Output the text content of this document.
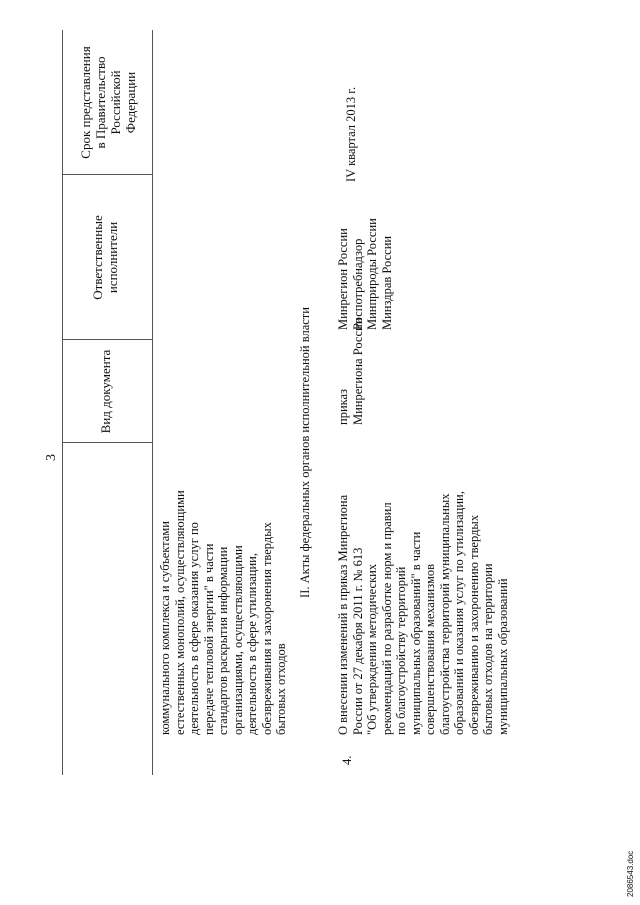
3
Вид документа
Ответственные исполнители
Срок представления в Правительство Российской Федерации
коммунального комплекса и субъектами естественных монополий, осуществляющими деятельность в сфере оказания услуг по передаче тепловой энергии" в части стандартов раскрытия информации организациями, осуществляющими деятельность в сфере утилизации, обезвреживания и захоронения твердых бытовых отходов
II. Акты федеральных органов исполнительной власти
4.
О внесении изменений в приказ Минрегиона России от 27 декабря 2011 г. № 613 "Об утверждении методических рекомендаций по разработке норм и правил по благоустройству территорий муниципальных образований" в части совершенствования механизмов благоустройства территорий муниципальных образований и оказания услуг по утилизации, обезвреживанию и захоронению твердых бытовых отходов на территории муниципальных образований
приказ Минрегиона России
Минрегион России Роспотребнадзор Минприроды России Минздрав России
IV квартал 2013 г.
2086543.doc
